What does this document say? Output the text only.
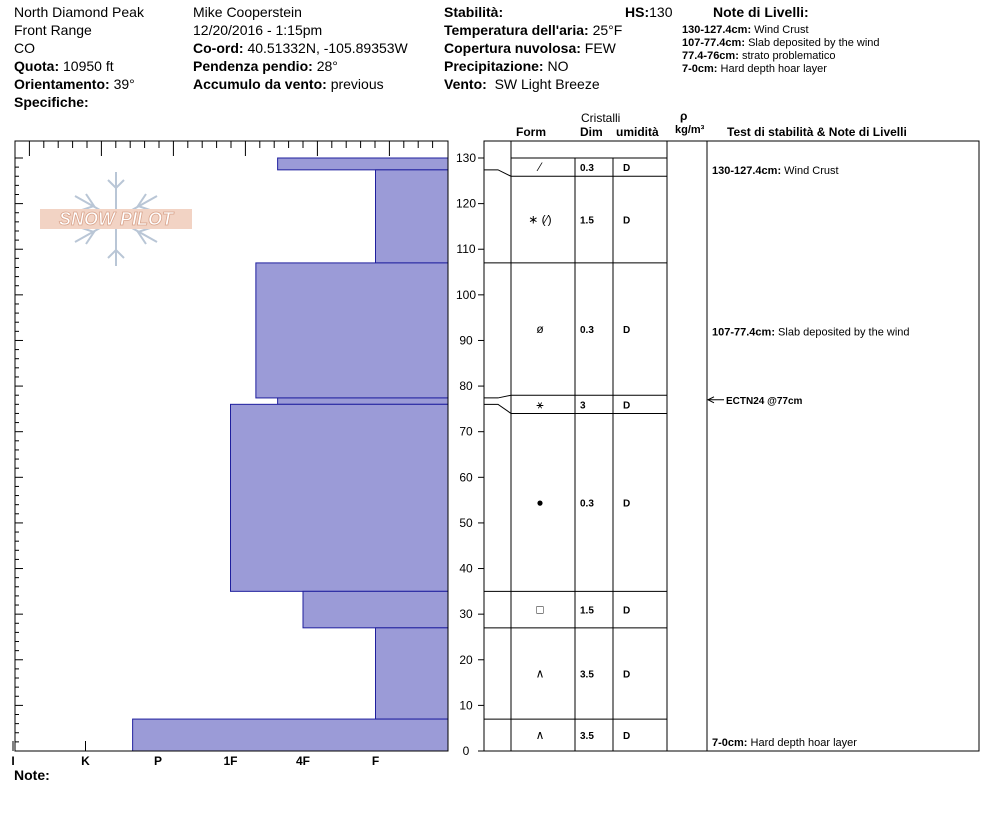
North Diamond Peak
Front Range
CO
Quota: 10950 ft
Orientamento: 39°
Specifiche:
Mike Cooperstein
12/20/2016 - 1:15pm
Co-ord: 40.51332N, -105.89353W
Pendenza pendio: 28°
Accumulo da vento: previous
Stabilità:	HS:130
Temperatura dell'aria: 25°F
Copertura nuvolosa: FEW
Precipitazione: NO
Vento: SW Light Breeze
Note di Livelli:
130-127.4cm: Wind Crust
107-77.4cm: Slab deposited by the wind
77.4-76cm: strato problematico
7-0cm: Hard depth hoar layer
Cristalli
Form	Dim umidità
ρ
kg/m³ Test di stabilità & Note di Livelli
Note:
SNOW PILOT
I	K	P	1F	4F	F
0
10
20
30
40
50
60
70
80
90
100
110
120
130
⁄	0.3	D
∗ (⁄)	1.5	D
ø	0.3	D
⚹	3	D
●	0.3	D
□	1.5	D
∧	3.5	D
∧	3.5	D
130-127.4cm: Wind Crust
107-77.4cm: Slab deposited by the wind
7-0cm: Hard depth hoar layer
ECTN24 @77cm
